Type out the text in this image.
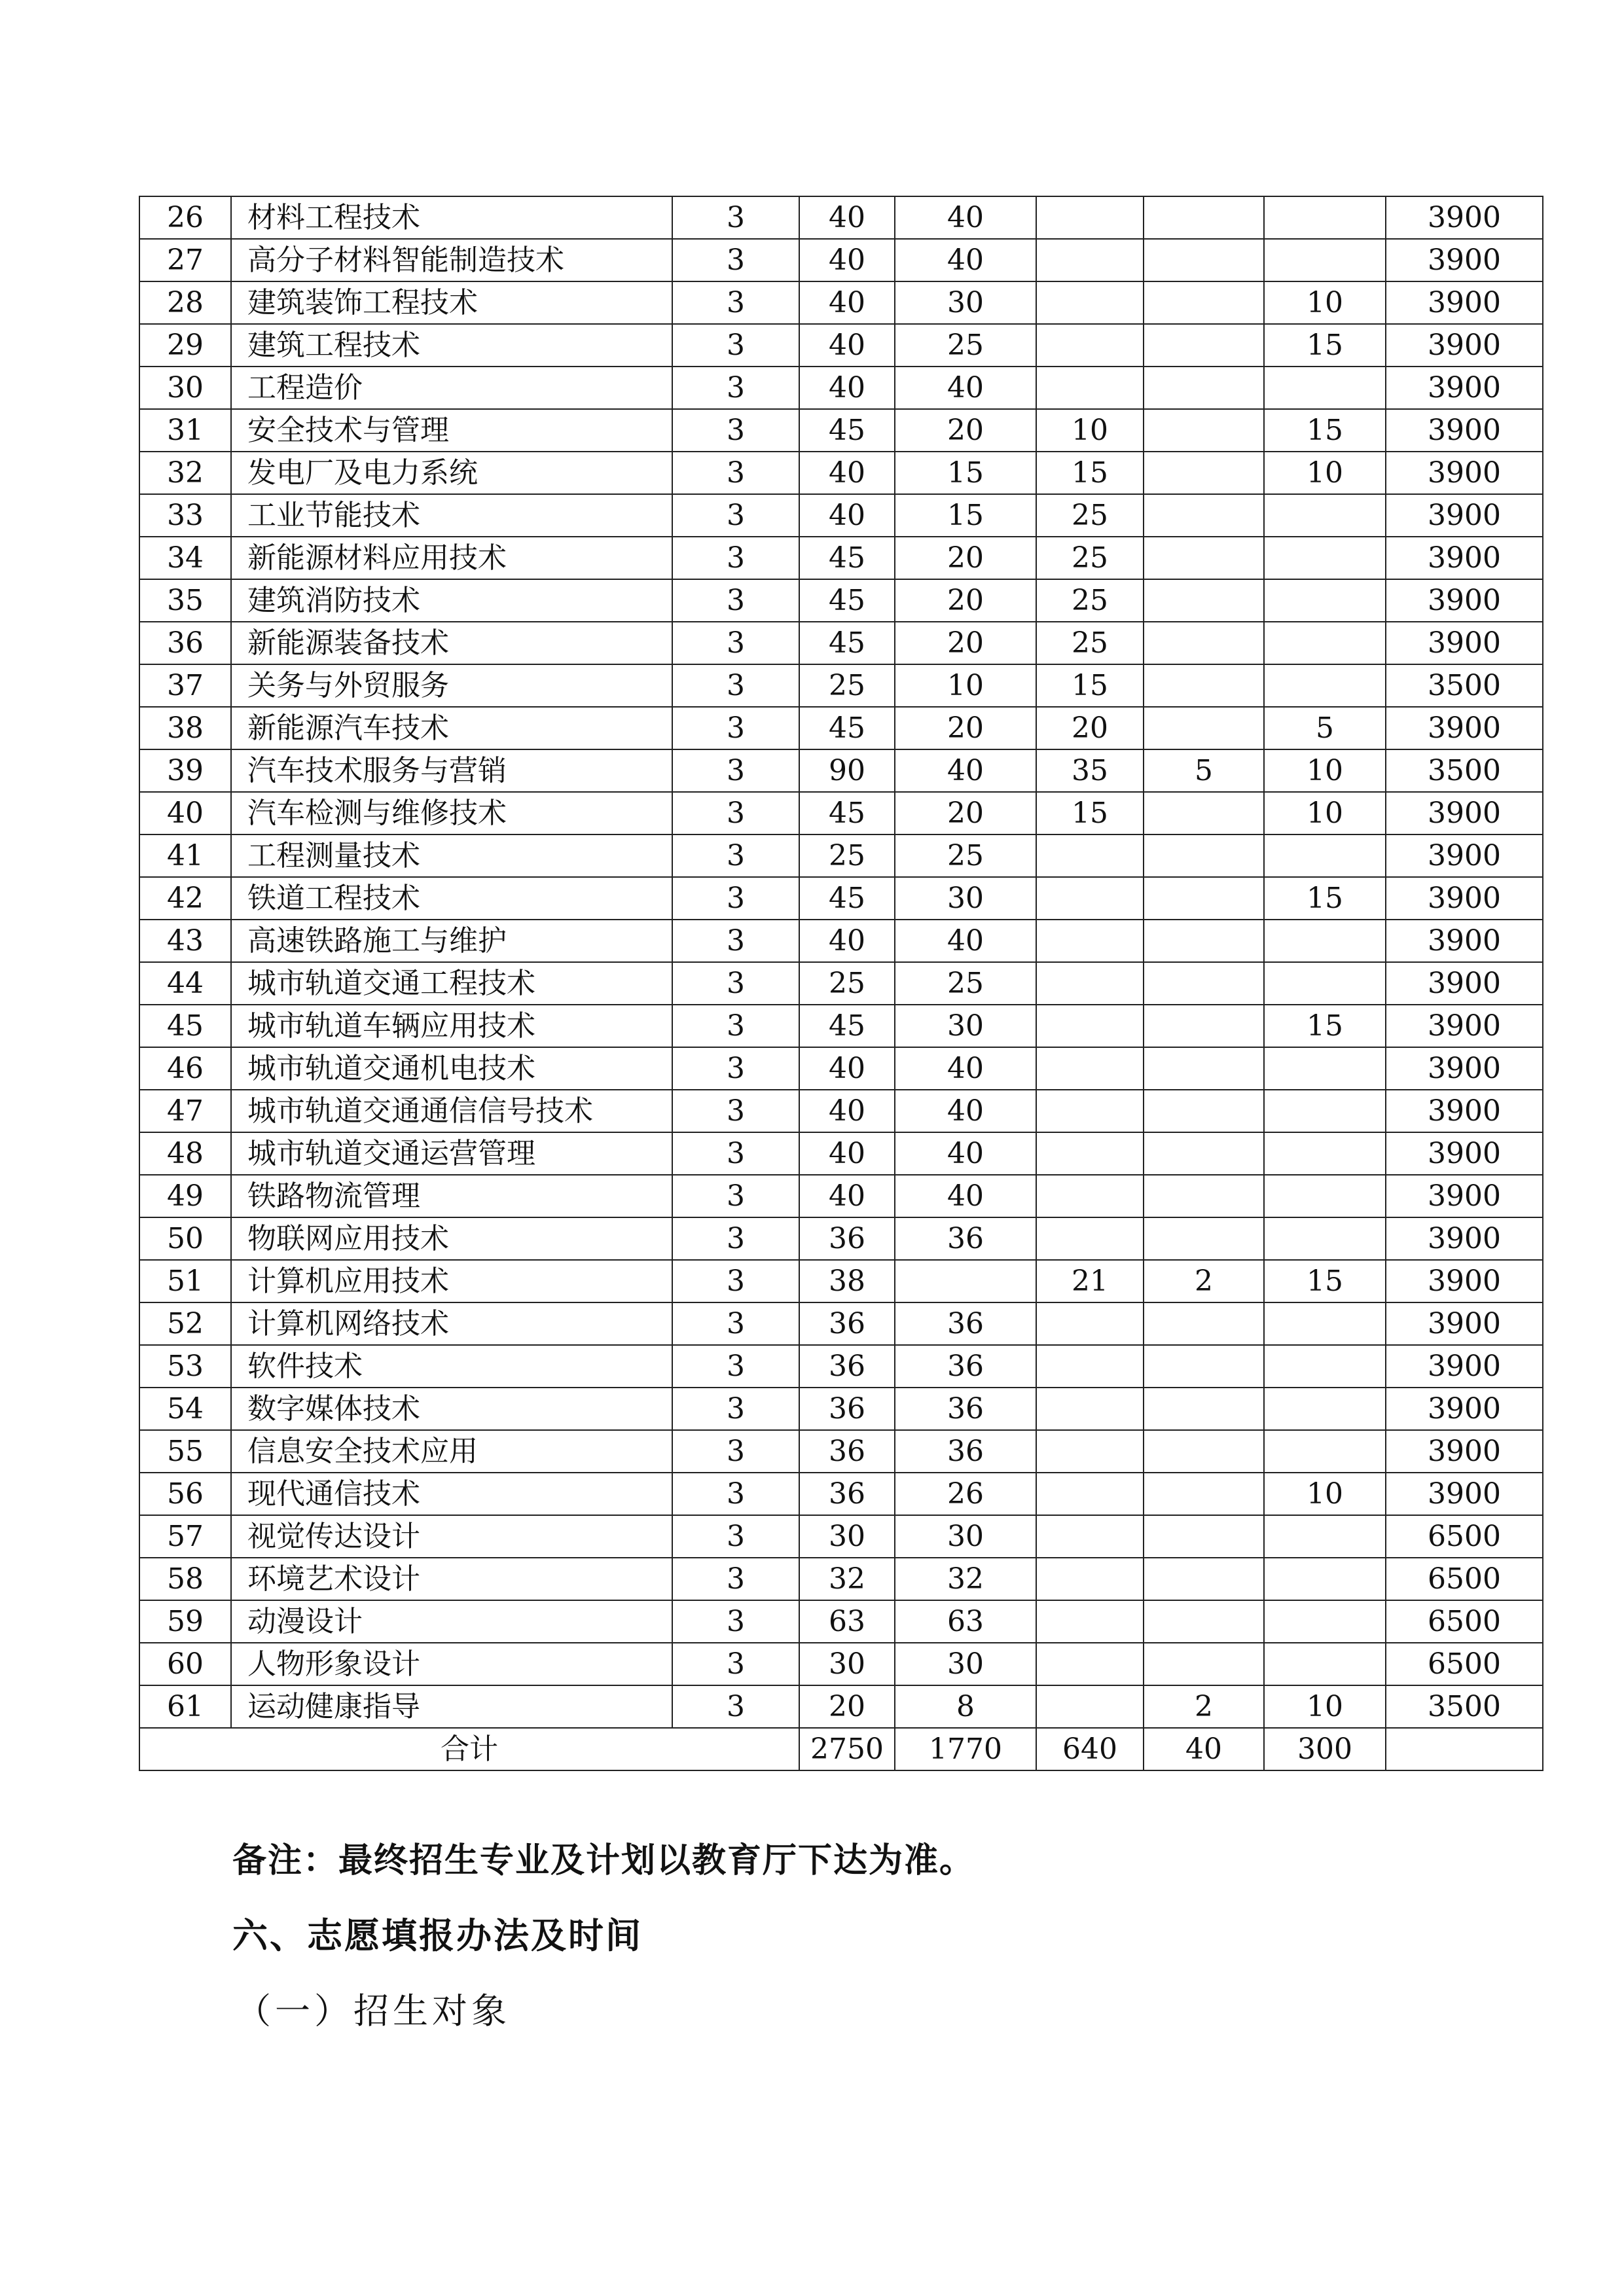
26	材料工程技术	3	40	40				3900
27	高分子材料智能制造技术	3	40	40				3900
28	建筑装饰工程技术	3	40	30			10	3900
29	建筑工程技术	3	40	25			15	3900
30	工程造价	3	40	40				3900
31	安全技术与管理	3	45	20	10		15	3900
32	发电厂及电力系统	3	40	15	15		10	3900
33	工业节能技术	3	40	15	25			3900
34	新能源材料应用技术	3	45	20	25			3900
35	建筑消防技术	3	45	20	25			3900
36	新能源装备技术	3	45	20	25			3900
37	关务与外贸服务	3	25	10	15			3500
38	新能源汽车技术	3	45	20	20		5	3900
39	汽车技术服务与营销	3	90	40	35	5	10	3500
40	汽车检测与维修技术	3	45	20	15		10	3900
41	工程测量技术	3	25	25				3900
42	铁道工程技术	3	45	30			15	3900
43	高速铁路施工与维护	3	40	40				3900
44	城市轨道交通工程技术	3	25	25				3900
45	城市轨道车辆应用技术	3	45	30			15	3900
46	城市轨道交通机电技术	3	40	40				3900
47	城市轨道交通通信信号技术	3	40	40				3900
48	城市轨道交通运营管理	3	40	40				3900
49	铁路物流管理	3	40	40				3900
50	物联网应用技术	3	36	36				3900
51	计算机应用技术	3	38		21	2	15	3900
52	计算机网络技术	3	36	36				3900
53	软件技术	3	36	36				3900
54	数字媒体技术	3	36	36				3900
55	信息安全技术应用	3	36	36				3900
56	现代通信技术	3	36	26			10	3900
57	视觉传达设计	3	30	30				6500
58	环境艺术设计	3	32	32				6500
59	动漫设计	3	63	63				6500
60	人物形象设计	3	30	30				6500
61	运动健康指导	3	20	8		2	10	3500
合计			2750	1770	640	40	300	
备注：最终招生专业及计划以教育厅下达为准。
六、志愿填报办法及时间
（一）招生对象
